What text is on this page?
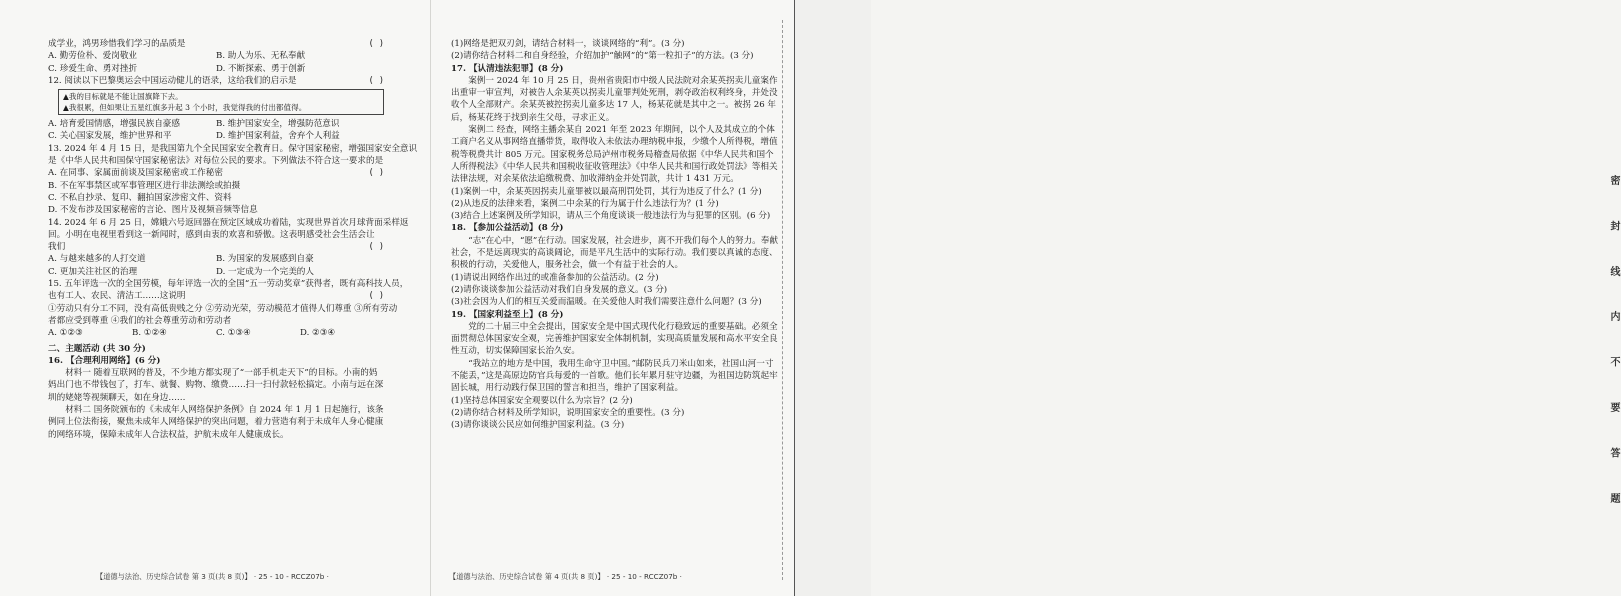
( )
成学业，鸿男珍惜我们学习的品质是
A. 勤劳俭朴、爱岗敬业	B. 助人为乐、无私奉献
C. 珍爱生命、勇对挫折	D. 不断探索、勇于创新
( )
12. 阅读以下巴黎奥运会中国运动健儿的语录，这给我们的启示是
▲我的目标就是不能让国旗降下去。
▲我很累，但如果让五星红旗多升起 3 个小时，我觉得我的付出都值得。
A. 培育爱国情感，增强民族自豪感	B. 维护国家安全，增强防范意识
C. 关心国家发展，维护世界和平	D. 维护国家利益，舍弃个人利益
13. 2024 年 4 月 15 日，是我国第九个全民国家安全教育日。保守国家秘密，增强国家安全意识
是《中华人民共和国保守国家秘密法》对每位公民的要求。下列做法不符合这一要求的是
( )
A. 在同事、家属面前谈及国家秘密或工作秘密
B. 不在军事禁区或军事管理区进行非法测绘或拍摄
C. 不私自抄录、复印、翻拍国家涉密文件、资料
D. 不发布涉及国家秘密的言论、图片及视频音频等信息
14. 2024 年 6 月 25 日，嫦娥六号返回器在预定区域成功着陆，实现世界首次月球背面采样返
回。小明在电视里看到这一新闻时，感到由衷的欢喜和骄傲。这表明感受社会生活会让
( )
我们
A. 与越来越多的人打交道	B. 为国家的发展感到自豪
C. 更加关注社区的治理	D. 一定成为一个完美的人
15. 五年评选一次的全国劳模，每年评选一次的全国“五一劳动奖章”获得者，既有高科技人员，
( )
也有工人、农民、清洁工……这说明
①劳动只有分工不同，没有高低贵贱之分 ②劳动光荣，劳动模范才值得人们尊重 ③所有劳动
者都应受到尊重 ④我们的社会尊重劳动和劳动者
A. ①②③	B. ①②④	C. ①③④	D. ②③④
二、主题活动 (共 30 分)
16. 【合理利用网络】(6 分)
材料一 随着互联网的普及，不少地方都实现了“一部手机走天下”的目标。小南的妈妈出门也不带钱包了，打车、就餐、购物、缴费……扫一扫付款轻松搞定。小南与远在深圳的姥姥等视频聊天，如在身边……
材料二 国务院颁布的《未成年人网络保护条例》自 2024 年 1 月 1 日起施行，该条例同上位法衔接，聚焦未成年人网络保护的突出问题，着力营造有利于未成年人身心健康的网络环境，保障未成年人合法权益，护航未成年人健康成长。
【道德与法治、历史综合试卷 第 3 页(共 8 页)】 · 25 - 10 - RCCZ07b ·
(1)网络是把双刃剑，请结合材料一，谈谈网络的“利”。(3 分)
(2)请你结合材料二和自身经验，介绍加护“触网”的“第一粒扣子”的方法。(3 分)
17. 【认清违法犯罪】(8 分)
案例一 2024 年 10 月 25 日，贵州省贵阳市中级人民法院对余某英拐卖儿童案作出重审一审宣判，对被告人余某英以拐卖儿童罪判处死刑，剥夺政治权利终身，并处没收个人全部财产。余某英被控拐卖儿童多达 17 人，杨某花就是其中之一。被拐 26 年后，杨某花终于找到亲生父母，寻求正义。
案例二 经查，网络主播余某自 2021 年至 2023 年期间，以个人及其成立的个体工商户名义从事网络直播带货，取得收入未依法办理纳税申报，少缴个人所得税，增值税等税费共计 805 万元。国家税务总局泸州市税务局稽查局依据《中华人民共和国个人所得税法》《中华人民共和国税收征收管理法》《中华人民共和国行政处罚法》等相关法律法规，对余某依法追缴税费、加收滞纳金并处罚款，共计 1 431 万元。
(1)案例一中，余某英因拐卖儿童罪被以最高刑罚处罚，其行为违反了什么？(1 分)
(2)从违反的法律来看，案例二中余某的行为属于什么违法行为？(1 分)
(3)结合上述案例及所学知识，请从三个角度谈谈一般违法行为与犯罪的区别。(6 分)
18. 【参加公益活动】(8 分)
“志”在心中，“愿”在行动。国家发展，社会进步，离不开我们每个人的努力。奉献社会，不是远离现实的高谈阔论，而是平凡生活中的实际行动。我们要以真诚的态度、积极的行动，关爱他人，服务社会，做一个有益于社会的人。
(1)请说出网络作出过的或准备参加的公益活动。(2 分)
(2)请你谈谈参加公益活动对我们自身发展的意义。(3 分)
(3)社会因为人们的相互关爱而温暖。在关爱他人时我们需要注意什么问题？(3 分)
19. 【国家利益至上】(8 分)
党的二十届三中全会提出，国家安全是中国式现代化行稳致远的重要基础。必须全面贯彻总体国家安全观，完善维护国家安全体制机制，实现高质量发展和高水平安全良性互动，切实保障国家长治久安。
“我站立的地方是中国，我用生命守卫中国。”邮防民兵刀米山如来，社国山河一寸不能丢，”这是高原边防官兵每爱的一首歌。他们长年累月驻守边疆，为祖国边防筑起牢固长城，用行动践行保卫国的誓言和担当，维护了国家利益。
(1)坚持总体国家安全观要以什么为宗旨？(2 分)
(2)请你结合材料及所学知识，说明国家安全的重要性。(3 分)
(3)请你谈谈公民应如何维护国家利益。(3 分)
【道德与法治、历史综合试卷 第 4 页(共 8 页)】 · 25 - 10 - RCCZ07b ·
密 封 线 内 不 要 答 题
